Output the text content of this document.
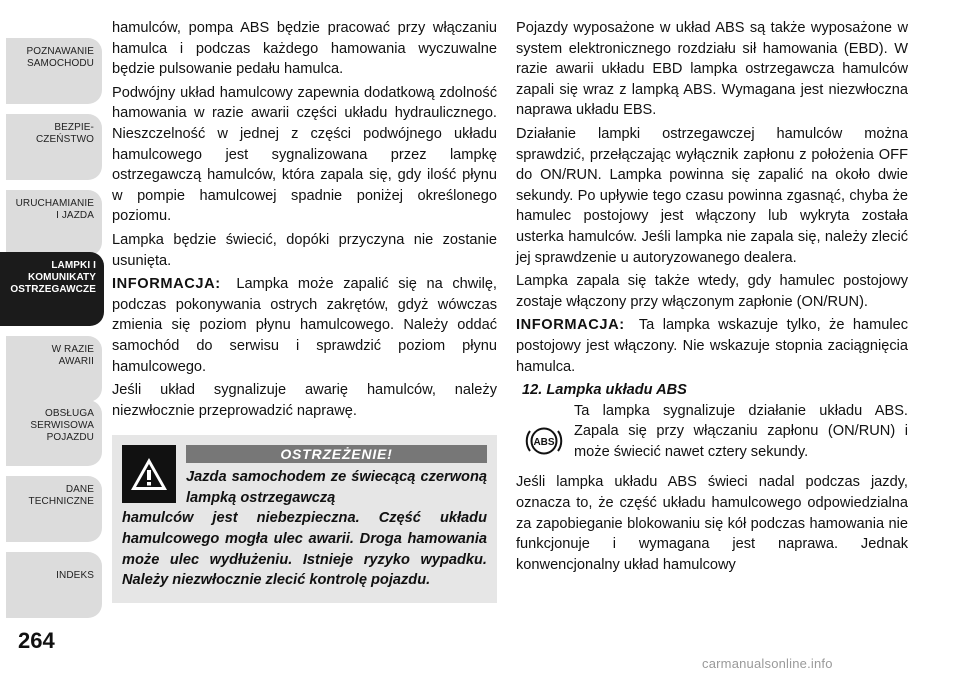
POZNAWANIE
SAMOCHODU
BEZPIE-
CZEŃSTWO
URUCHAMIANIE
I JAZDA
LAMPKI I
KOMUNIKATY
OSTRZEGAWCZE
W RAZIE
AWARII
OBSŁUGA
SERWISOWA
POJAZDU
DANE
TECHNICZNE
INDEKS
264

hamulców, pompa ABS będzie pracować przy włączaniu hamulca i podczas każdego hamowania wyczuwalne będzie pulsowanie pedału hamulca.

Podwójny układ hamulcowy zapewnia dodatkową zdolność hamowania w razie awarii części układu hydraulicznego. Nieszczelność w jednej z części podwójnego układu hamulcowego jest sygnalizowana przez lampkę ostrzegawczą hamulców, która zapala się, gdy ilość płynu w pompie hamulcowej spadnie poniżej określonego poziomu.

Lampka będzie świecić, dopóki przyczyna nie zostanie usunięta.

INFORMACJA: Lampka może zapalić się na chwilę, podczas pokonywania ostrych zakrętów, gdyż wówczas zmienia się poziom płynu hamulcowego. Należy oddać samochód do serwisu i sprawdzić poziom płynu hamulcowego.

Jeśli układ sygnalizuje awarię hamulców, należy niezwłocznie przeprowadzić naprawę.

OSTRZEŻENIE!
Jazda samochodem ze świecącą czerwoną lampką ostrzegawczą
hamulców jest niebezpieczna. Część układu hamulcowego mogła ulec awarii. Droga hamowania może ulec wydłużeniu. Istnieje ryzyko wypadku. Należy niezwłocznie zlecić kontrolę pojazdu.

Pojazdy wyposażone w układ ABS są także wyposażone w system elektronicznego rozdziału sił hamowania (EBD). W razie awarii układu EBD lampka ostrzegawcza hamulców zapali się wraz z lampką ABS. Wymagana jest niezwłoczna naprawa układu EBS.

Działanie lampki ostrzegawczej hamulców można sprawdzić, przełączając wyłącznik zapłonu z położenia OFF do ON/RUN. Lampka powinna się zapalić na około dwie sekundy. Po upływie tego czasu powinna zgasnąć, chyba że hamulec postojowy jest włączony lub wykryta została usterka hamulców. Jeśli lampka nie zapala się, należy zlecić jej sprawdzenie u autoryzowanego dealera.

Lampka zapala się także wtedy, gdy hamulec postojowy zostaje włączony przy włączonym zapłonie (ON/RUN).

INFORMACJA: Ta lampka wskazuje tylko, że hamulec postojowy jest włączony. Nie wskazuje stopnia zaciągnięcia hamulca.

12. Lampka układu ABS
ABS
Ta lampka sygnalizuje działanie układu ABS. Zapala się przy włączaniu zapłonu (ON/RUN) i może świecić nawet cztery sekundy.

Jeśli lampka układu ABS świeci nadal podczas jazdy, oznacza to, że część układu hamulcowego odpowiedzialna za zapobieganie blokowaniu się kół podczas hamowania nie funkcjonuje i wymagana jest naprawa. Jednak konwencjonalny układ hamulcowy

carmanualsonline.info
